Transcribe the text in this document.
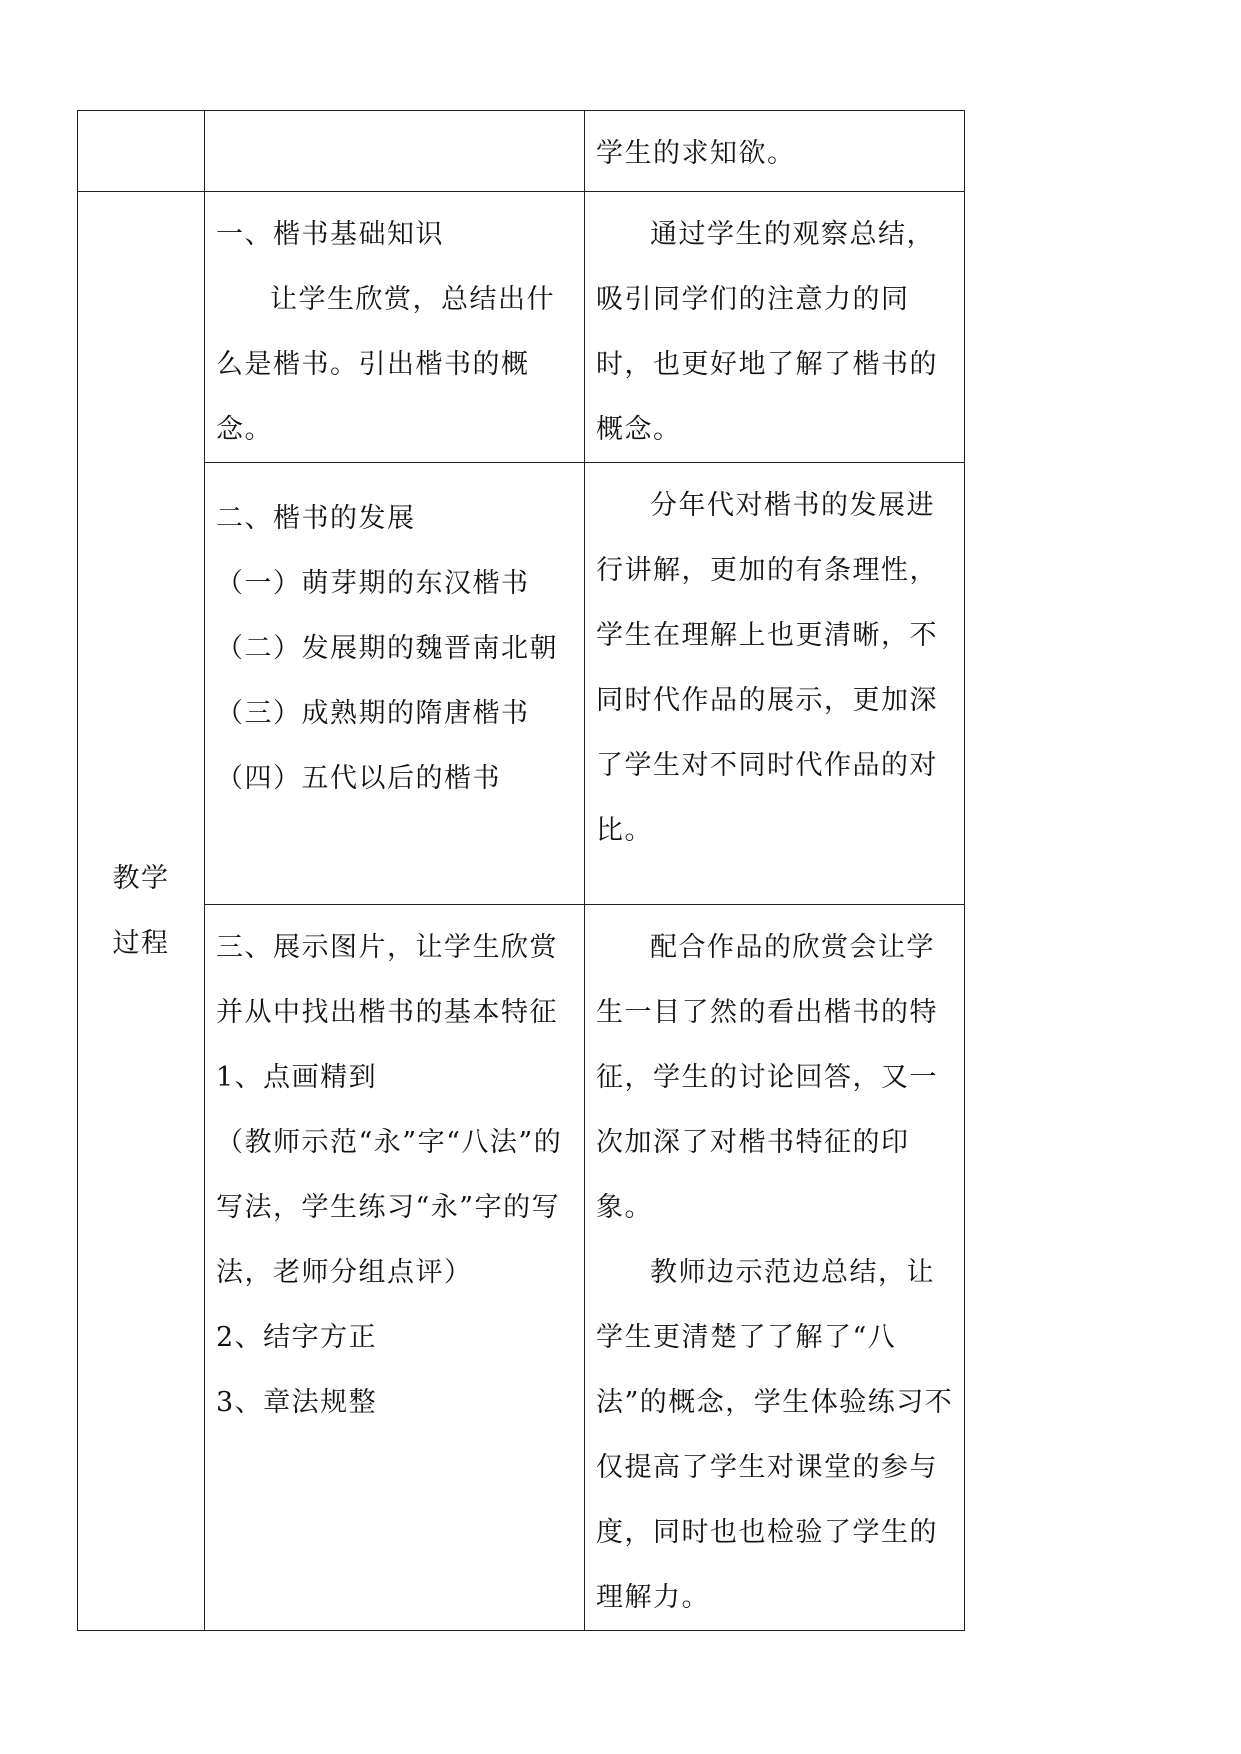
		学生的求知欲。

教学
过程	一、楷书基础知识
让学生欣赏，总结出什么是楷书。引出楷书的概念。	通过学生的观察总结，吸引同学们的注意力的同时，也更好地了解了楷书的概念。

	二、楷书的发展
（一）萌芽期的东汉楷书
（二）发展期的魏晋南北朝
（三）成熟期的隋唐楷书
（四）五代以后的楷书	分年代对楷书的发展进行讲解，更加的有条理性，学生在理解上也更清晰，不同时代作品的展示，更加深了学生对不同时代作品的对比。

	三、展示图片，让学生欣赏并从中找出楷书的基本特征
1、点画精到
（教师示范“永”字“八法”的写法，学生练习“永”字的写法，老师分组点评）
2、结字方正
3、章法规整	配合作品的欣赏会让学生一目了然的看出楷书的特征，学生的讨论回答，又一次加深了对楷书特征的印象。
教师边示范边总结，让学生更清楚了了解了“八法”的概念，学生体验练习不仅提高了学生对课堂的参与度，同时也也检验了学生的理解力。
